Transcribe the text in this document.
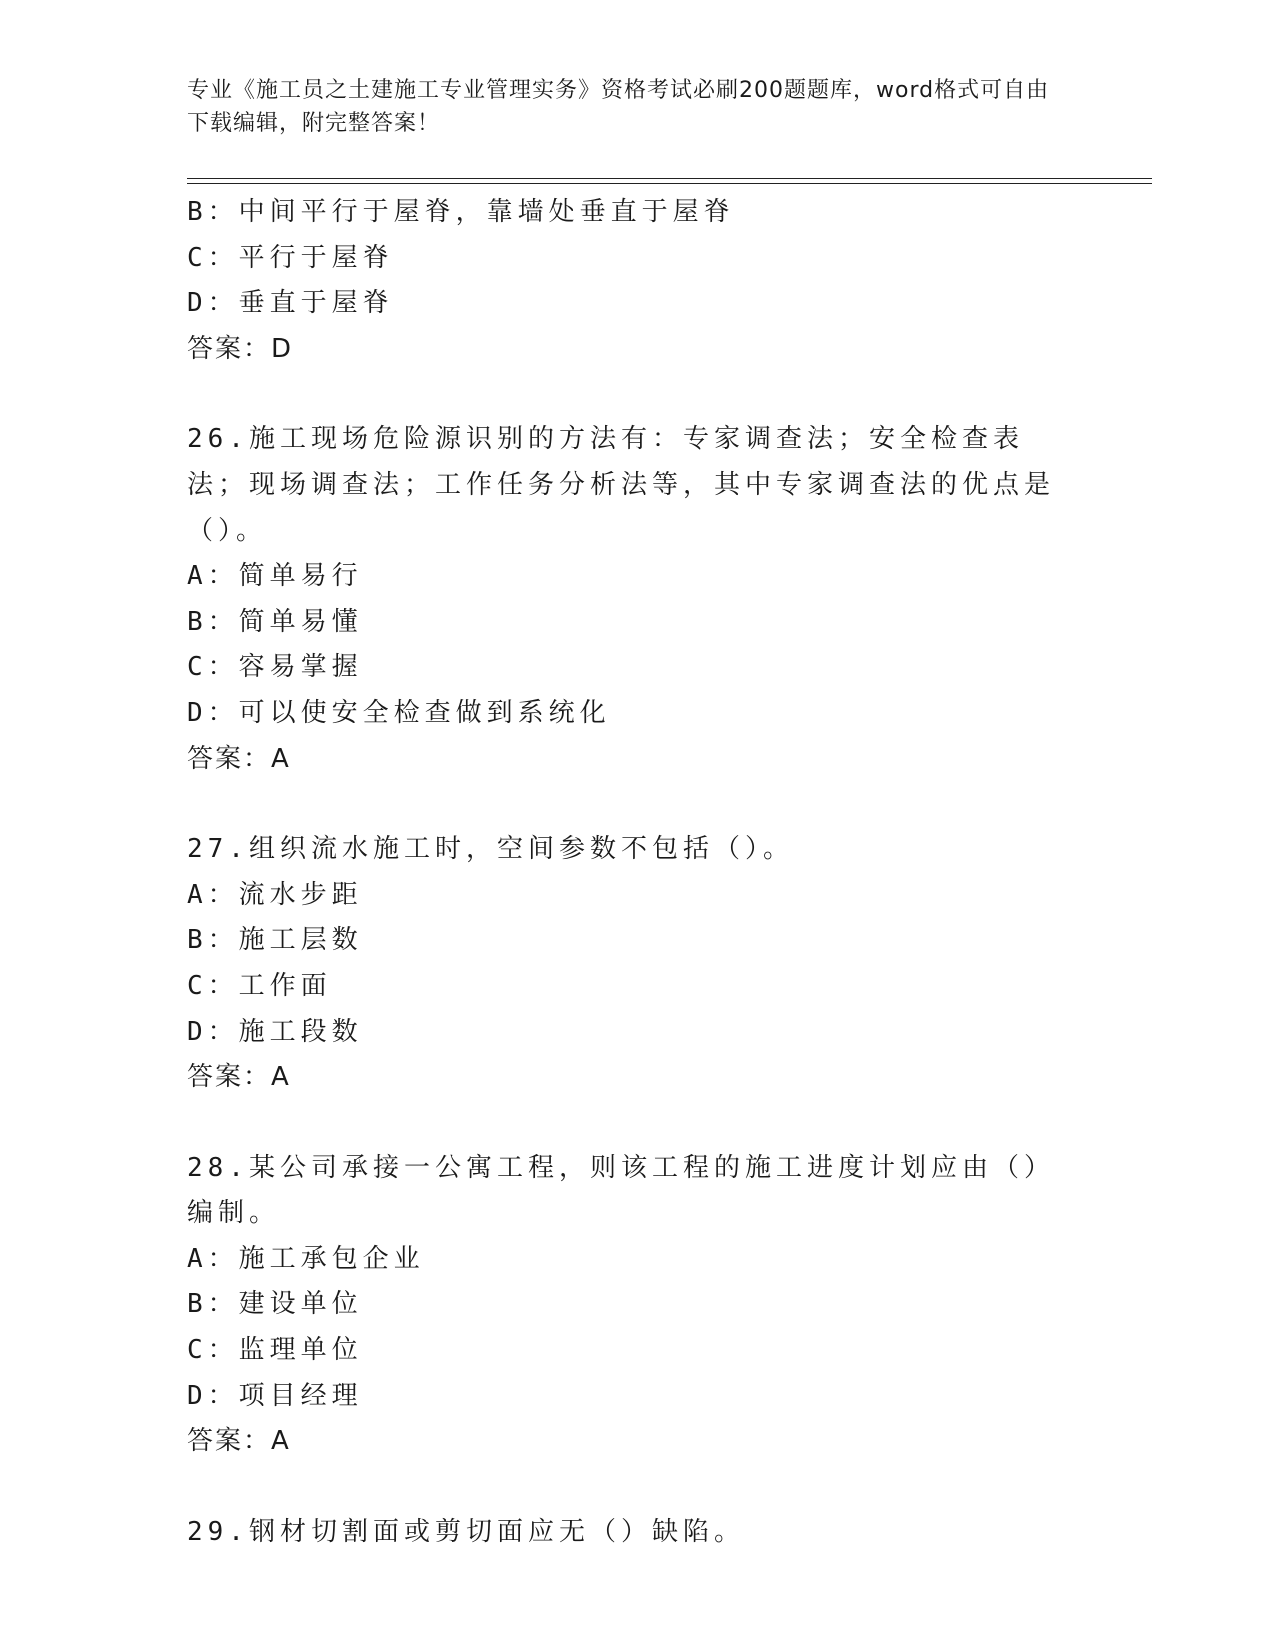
专业《施工员之土建施工专业管理实务》资格考试必刷200题题库，word格式可自由下载编辑，附完整答案！
B：中间平行于屋脊，靠墙处垂直于屋脊
C：平行于屋脊
D：垂直于屋脊
答案：D
26.施工现场危险源识别的方法有：专家调查法；安全检查表法；现场调查法；工作任务分析法等，其中专家调查法的优点是（）。
A：简单易行
B：简单易懂
C：容易掌握
D：可以使安全检查做到系统化
答案：A
27.组织流水施工时，空间参数不包括（）。
A：流水步距
B：施工层数
C：工作面
D：施工段数
答案：A
28.某公司承接一公寓工程，则该工程的施工进度计划应由（）编制。
A：施工承包企业
B：建设单位
C：监理单位
D：项目经理
答案：A
29.钢材切割面或剪切面应无（）缺陷。
